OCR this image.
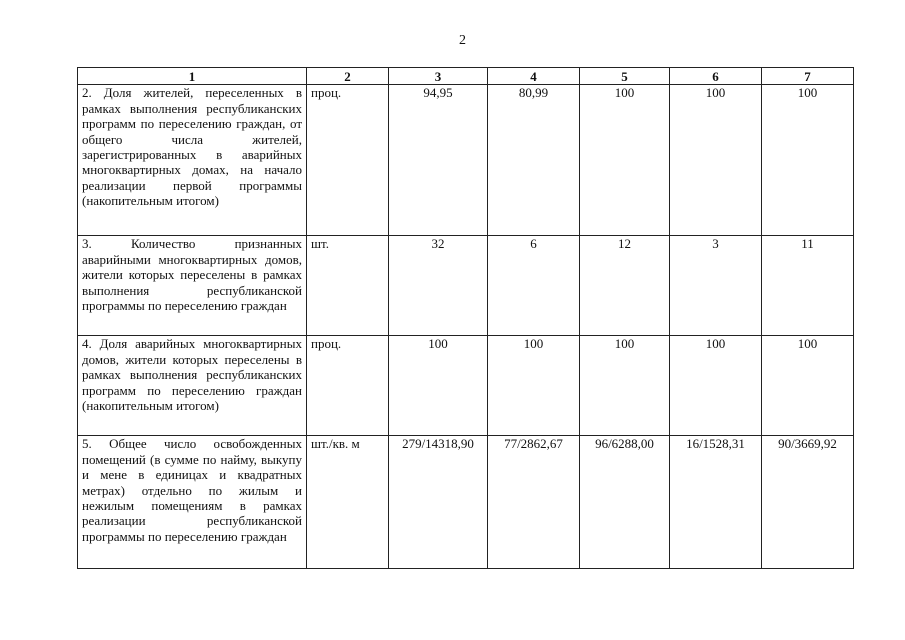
2
1	2	3	4	5	6	7
2. Доля жителей, переселенных в рамках выполнения республиканских программ по переселению граждан, от общего числа жителей, зарегистрированных в аварийных многоквартирных домах, на начало реализации первой программы (накопительным итогом)	проц.	94,95	80,99	100	100	100
3. Количество признанных аварийными многоквартирных домов, жители которых переселены в рамках выполнения республиканской программы по переселению граждан	шт.	32	6	12	3	11
4. Доля аварийных многоквартирных домов, жители которых переселены в рамках выполнения республиканских программ по переселению граждан (накопительным итогом)	проц.	100	100	100	100	100
5. Общее число освобожденных помещений (в сумме по найму, выкупу и мене в единицах и квадратных метрах) отдельно по жилым и нежилым помещениям в рамках реализации республиканской программы по переселению граждан	шт./кв. м	279/14318,90	77/2862,67	96/6288,00	16/1528,31	90/3669,92
